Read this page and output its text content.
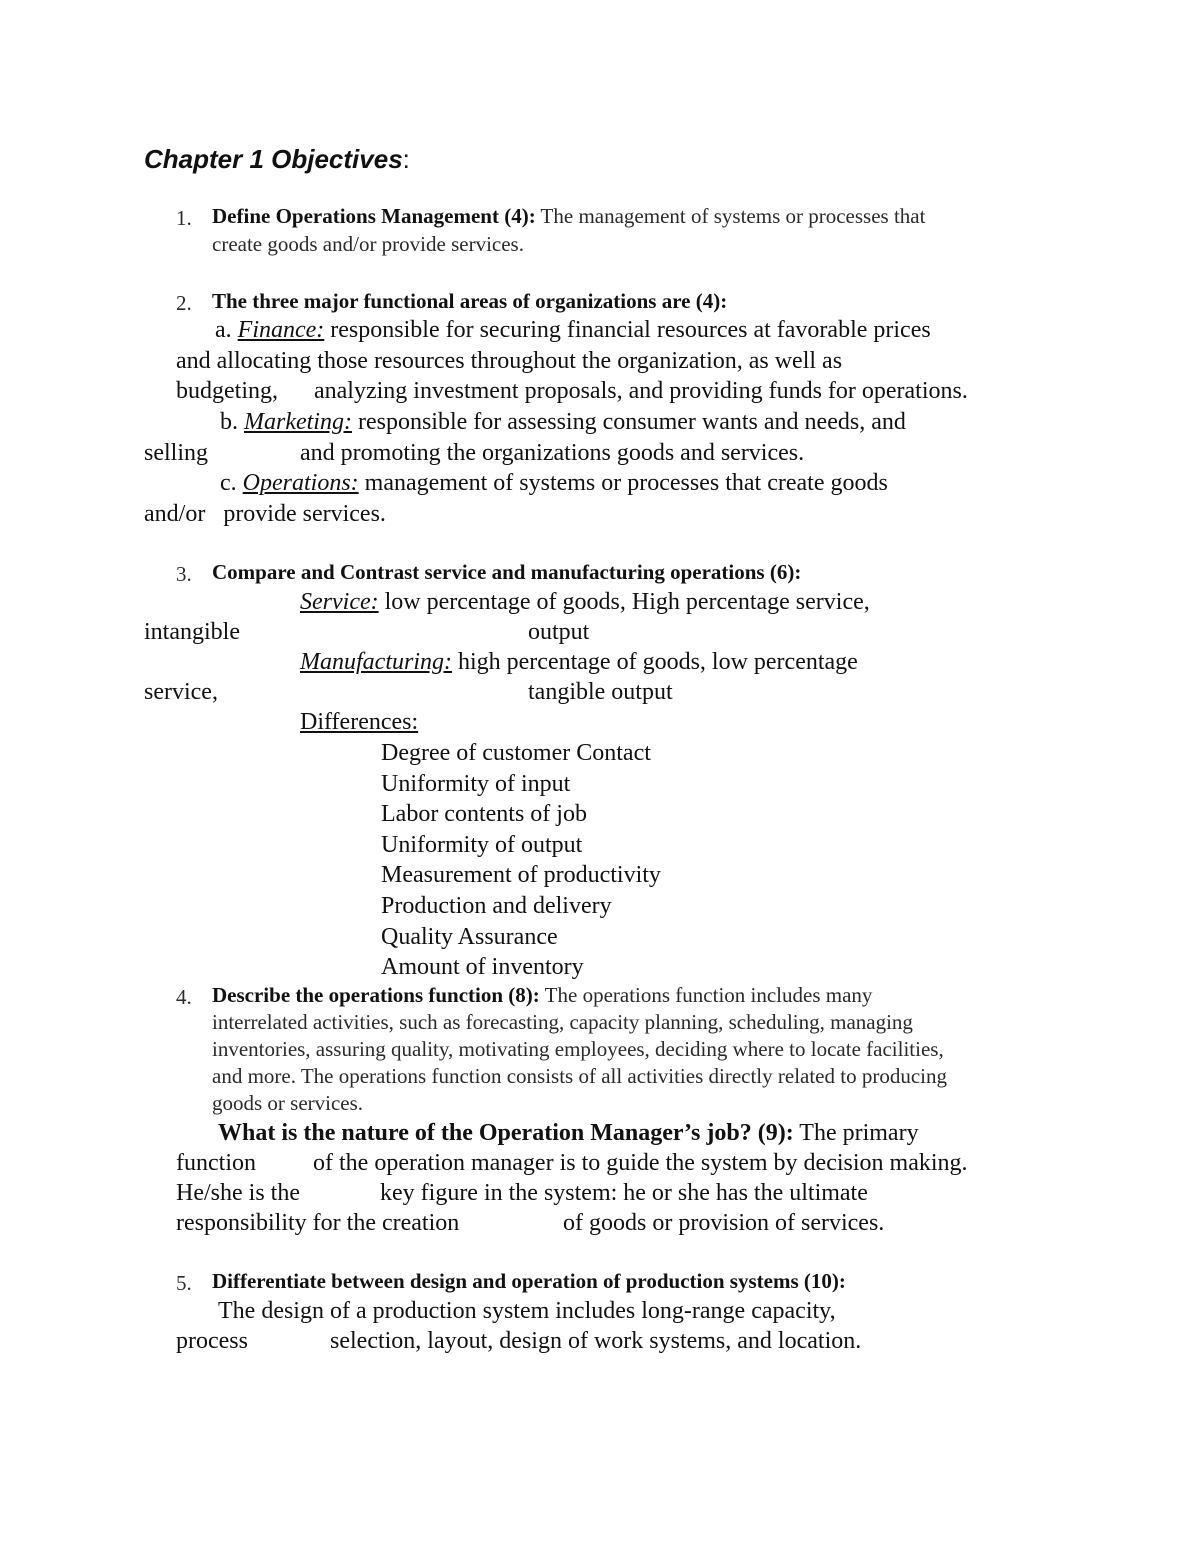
Chapter 1 Objectives:
1. Define Operations Management (4): The management of systems or processes that
create goods and/or provide services.
2. The three major functional areas of organizations are (4):
a. Finance: responsible for securing financial resources at favorable prices
and allocating those resources throughout the organization, as well as
budgeting,      analyzing investment proposals, and providing funds for operations.
b. Marketing: responsible for assessing consumer wants and needs, and
selling	and promoting the organizations goods and services.
c. Operations: management of systems or processes that create goods
and/or   provide services.
3. Compare and Contrast service and manufacturing operations (6):
Service: low percentage of goods, High percentage service,
intangible	output
Manufacturing: high percentage of goods, low percentage
service,	tangible output
Differences:
Degree of customer Contact
Uniformity of input
Labor contents of job
Uniformity of output
Measurement of productivity
Production and delivery
Quality Assurance
Amount of inventory
4. Describe the operations function (8): The operations function includes many
interrelated activities, such as forecasting, capacity planning, scheduling, managing
inventories, assuring quality, motivating employees, deciding where to locate facilities,
and more. The operations function consists of all activities directly related to producing
goods or services.
What is the nature of the Operation Manager’s job? (9): The primary
function of the operation manager is to guide the system by decision making.
He/she is the	key figure in the system: he or she has the ultimate
responsibility for the creation	of goods or provision of services.
5. Differentiate between design and operation of production systems (10):
The design of a production system includes long-range capacity,
process	selection, layout, design of work systems, and location.
